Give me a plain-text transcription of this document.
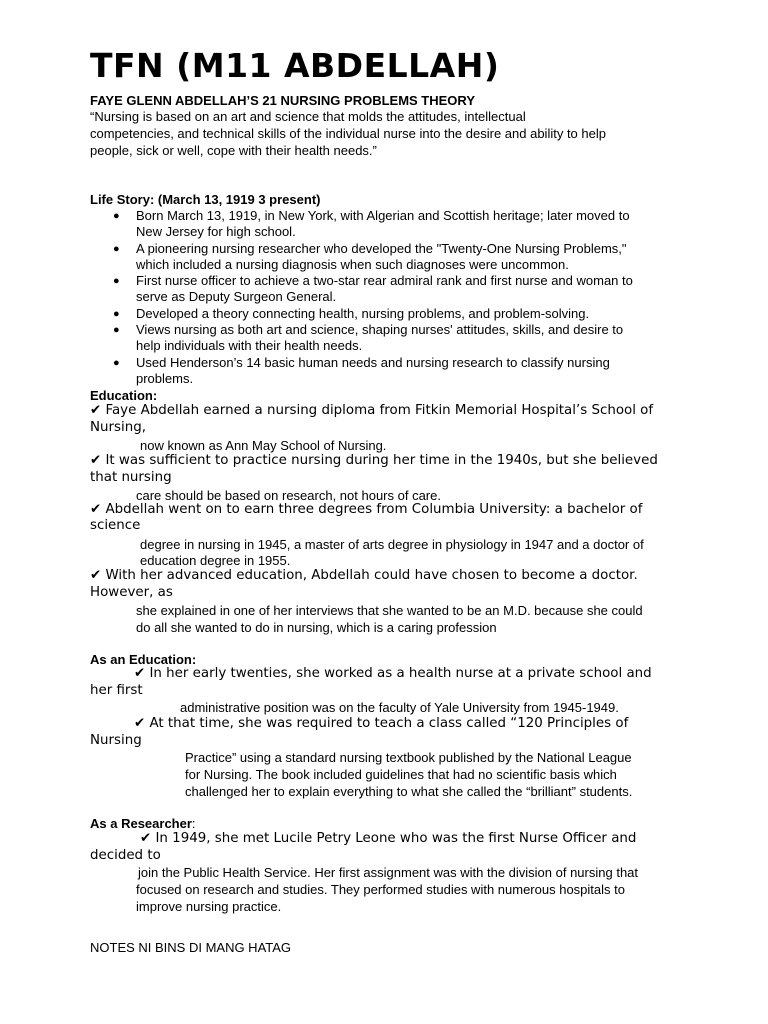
TFN (M11 ABDELLAH)
FAYE GLENN ABDELLAH’S 21 NURSING PROBLEMS THEORY
“Nursing is based on an art and science that molds the attitudes, intellectual
competencies, and technical skills of the individual nurse into the desire and ability to help
people, sick or well, cope with their health needs.”
Life Story: (March 13, 1919 3 present)
● Born March 13, 1919, in New York, with Algerian and Scottish heritage; later moved to
New Jersey for high school.
● A pioneering nursing researcher who developed the "Twenty-One Nursing Problems,"
which included a nursing diagnosis when such diagnoses were uncommon.
● First nurse officer to achieve a two-star rear admiral rank and first nurse and woman to
serve as Deputy Surgeon General.
● Developed a theory connecting health, nursing problems, and problem-solving.
● Views nursing as both art and science, shaping nurses' attitudes, skills, and desire to
help individuals with their health needs.
● Used Henderson’s 14 basic human needs and nursing research to classify nursing
problems.
Education:
✔ Faye Abdellah earned a nursing diploma from Fitkin Memorial Hospital’s School of
Nursing,
now known as Ann May School of Nursing.
✔ It was sufficient to practice nursing during her time in the 1940s, but she believed
that nursing
care should be based on research, not hours of care.
✔ Abdellah went on to earn three degrees from Columbia University: a bachelor of
science
degree in nursing in 1945, a master of arts degree in physiology in 1947 and a doctor of
education degree in 1955.
✔ With her advanced education, Abdellah could have chosen to become a doctor.
However, as
she explained in one of her interviews that she wanted to be an M.D. because she could
do all she wanted to do in nursing, which is a caring profession
As an Education:
✔ In her early twenties, she worked as a health nurse at a private school and
her first
administrative position was on the faculty of Yale University from 1945-1949.
✔ At that time, she was required to teach a class called “120 Principles of
Nursing
Practice” using a standard nursing textbook published by the National League
for Nursing. The book included guidelines that had no scientific basis which
challenged her to explain everything to what she called the “brilliant” students.
As a Researcher:
✔ In 1949, she met Lucile Petry Leone who was the first Nurse Officer and
decided to
join the Public Health Service. Her first assignment was with the division of nursing that
focused on research and studies. They performed studies with numerous hospitals to
improve nursing practice.
NOTES NI BINS DI MANG HATAG
